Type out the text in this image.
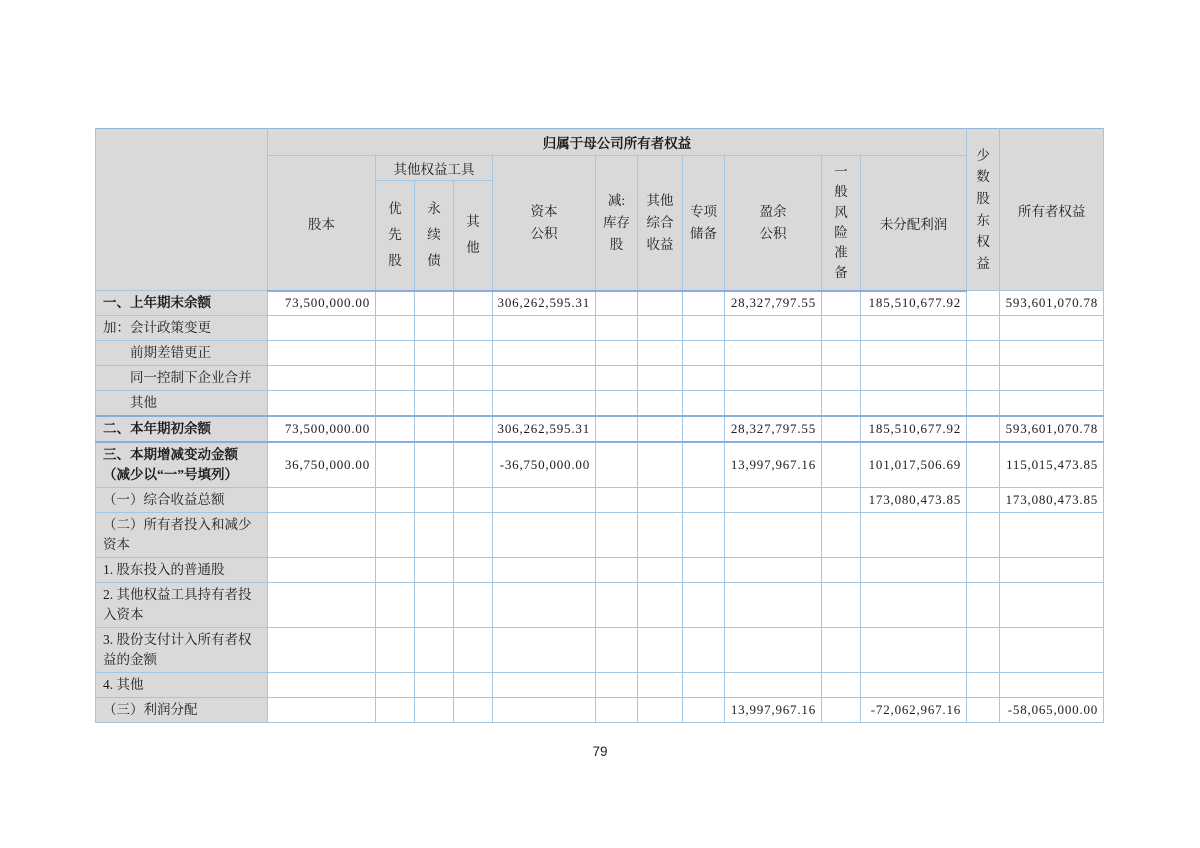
	归属于母公司所有者权益											少数股东权益	所有者权益
	股本	其他权益工具			资本公积	减:库存股	其他综合收益	专项储备	盈余公积	一般风险准备	未分配利润		
		优先股	永续债	其他									
一、上年期末余额	73,500,000.00				306,262,595.31				28,327,797.55		185,510,677.92		593,601,070.78
加：会计政策变更													
前期差错更正													
同一控制下企业合并													
其他													
二、本年期初余额	73,500,000.00				306,262,595.31				28,327,797.55		185,510,677.92		593,601,070.78
三、本期增减变动金额（减少以“一”号填列）	36,750,000.00				-36,750,000.00				13,997,967.16		101,017,506.69		115,015,473.85
（一）综合收益总额											173,080,473.85		173,080,473.85
（二）所有者投入和减少资本													
1. 股东投入的普通股													
2. 其他权益工具持有者投入资本													
3. 股份支付计入所有者权益的金额													
4. 其他													
（三）利润分配									13,997,967.16		-72,062,967.16		-58,065,000.00
79
